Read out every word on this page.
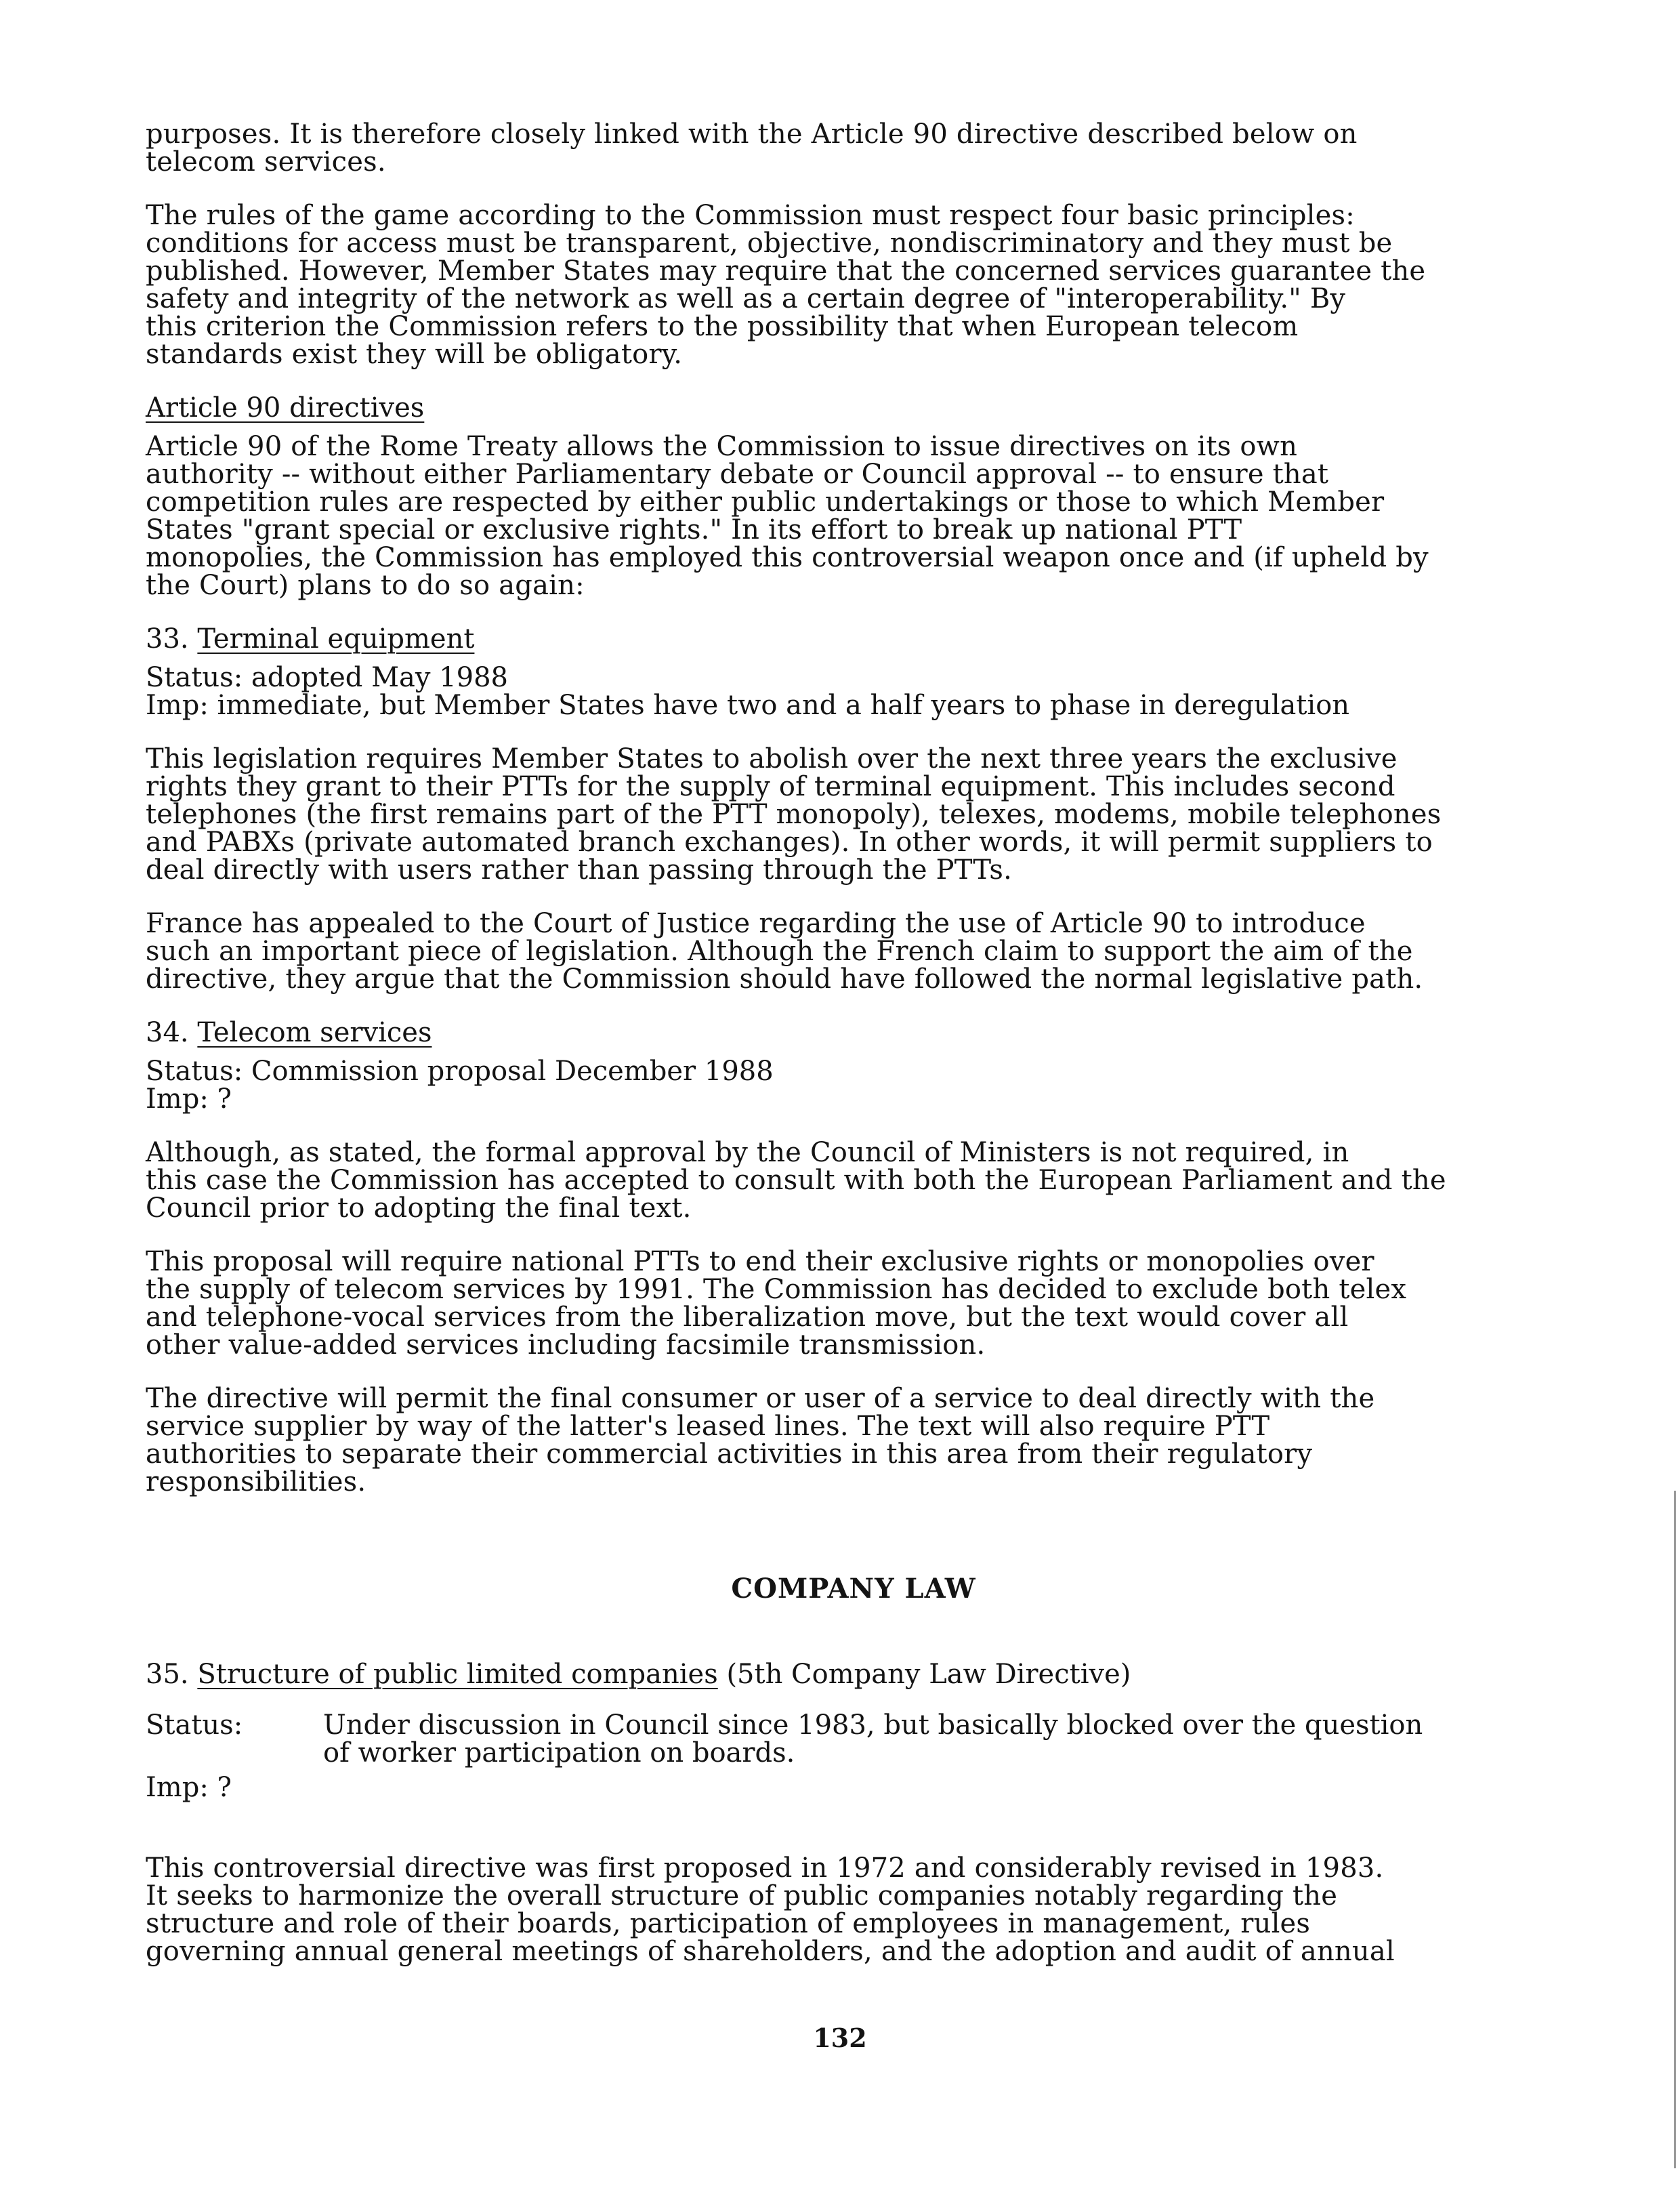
purposes. It is therefore closely linked with the Article 90 directive described below on
telecom services.

The rules of the game according to the Commission must respect four basic principles:
conditions for access must be transparent, objective, nondiscriminatory and they must be
published. However, Member States may require that the concerned services guarantee the
safety and integrity of the network as well as a certain degree of "interoperability." By
this criterion the Commission refers to the possibility that when European telecom
standards exist they will be obligatory.

Article 90 directives

Article 90 of the Rome Treaty allows the Commission to issue directives on its own
authority -- without either Parliamentary debate or Council approval -- to ensure that
competition rules are respected by either public undertakings or those to which Member
States "grant special or exclusive rights." In its effort to break up national PTT
monopolies, the Commission has employed this controversial weapon once and (if upheld by
the Court) plans to do so again:

33. Terminal equipment
Status: adopted May 1988
Imp: immediate, but Member States have two and a half years to phase in deregulation

This legislation requires Member States to abolish over the next three years the exclusive
rights they grant to their PTTs for the supply of terminal equipment. This includes second
telephones (the first remains part of the PTT monopoly), telexes, modems, mobile telephones
and PABXs (private automated branch exchanges). In other words, it will permit suppliers to
deal directly with users rather than passing through the PTTs.

France has appealed to the Court of Justice regarding the use of Article 90 to introduce
such an important piece of legislation. Although the French claim to support the aim of the
directive, they argue that the Commission should have followed the normal legislative path.

34. Telecom services
Status: Commission proposal December 1988
Imp: ?

Although, as stated, the formal approval by the Council of Ministers is not required, in
this case the Commission has accepted to consult with both the European Parliament and the
Council prior to adopting the final text.

This proposal will require national PTTs to end their exclusive rights or monopolies over
the supply of telecom services by 1991. The Commission has decided to exclude both telex
and telephone-vocal services from the liberalization move, but the text would cover all
other value-added services including facsimile transmission.

The directive will permit the final consumer or user of a service to deal directly with the
service supplier by way of the latter's leased lines. The text will also require PTT
authorities to separate their commercial activities in this area from their regulatory
responsibilities.

COMPANY LAW
35. Structure of public limited companies (5th Company Law Directive)
Status:	Under discussion in Council since 1983, but basically blocked over the question
of worker participation on boards.
Imp: ?

This controversial directive was first proposed in 1972 and considerably revised in 1983.
It seeks to harmonize the overall structure of public companies notably regarding the
structure and role of their boards, participation of employees in management, rules
governing annual general meetings of shareholders, and the adoption and audit of annual

132
